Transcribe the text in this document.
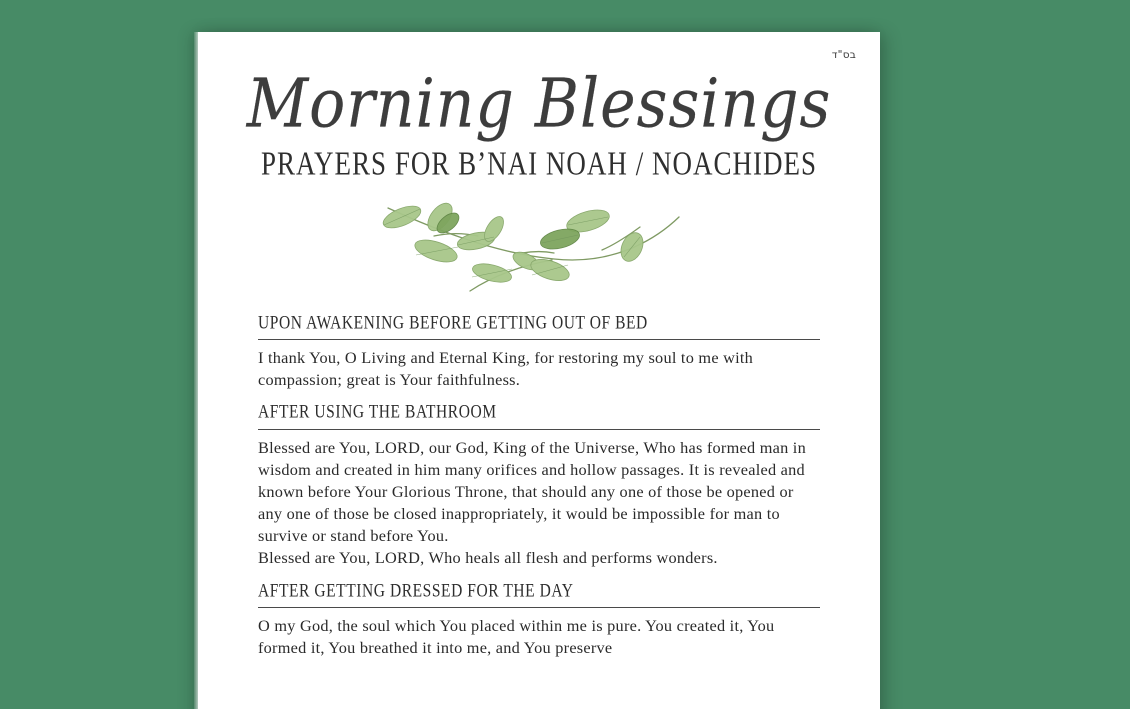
בס"ד
Morning Blessings
PRAYERS FOR B’NAI NOAH / NOACHIDES
UPON AWAKENING BEFORE GETTING OUT OF BED

I thank You, O Living and Eternal King, for restoring my soul to me with compassion; great is Your faithfulness.

AFTER USING THE BATHROOM

Blessed are You, LORD, our God, King of the Universe, Who has formed man in wisdom and created in him many orifices and hollow passages. It is revealed and known before Your Glorious Throne, that should any one of those be opened or any one of those be closed inappropriately, it would be impossible for man to survive or stand before You.

Blessed are You, LORD, Who heals all flesh and performs wonders.

AFTER GETTING DRESSED FOR THE DAY

O my God, the soul which You placed within me is pure. You created it, You formed it, You breathed it into me, and You preserve
